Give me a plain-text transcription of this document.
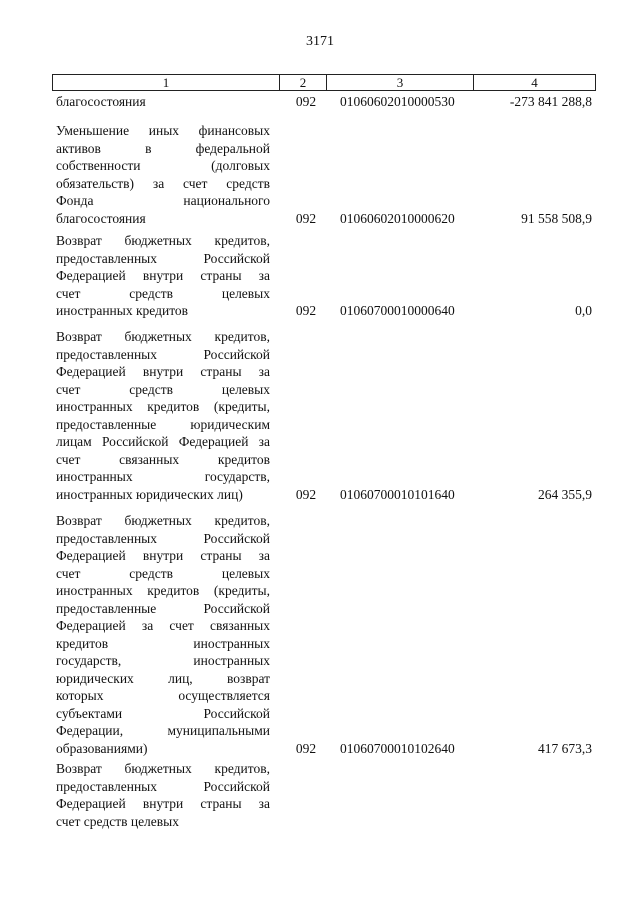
3171
1	2	3	4
благосостояния	092	01060602010000530	-273 841 288,8
Уменьшение иных финансовых
активов в федеральной
собственности (долговых
обязательств) за счет средств
Фонда национального
благосостояния	092	01060602010000620	91 558 508,9
Возврат бюджетных кредитов,
предоставленных Российской
Федерацией внутри страны за
счет средств целевых
иностранных кредитов	092	01060700010000640	0,0
Возврат бюджетных кредитов,
предоставленных Российской
Федерацией внутри страны за
счет средств целевых
иностранных кредитов (кредиты,
предоставленные юридическим
лицам Российской Федерацией за
счет связанных кредитов
иностранных государств,
иностранных юридических лиц)	092	01060700010101640	264 355,9
Возврат бюджетных кредитов,
предоставленных Российской
Федерацией внутри страны за
счет средств целевых
иностранных кредитов (кредиты,
предоставленные Российской
Федерацией за счет связанных
кредитов иностранных
государств, иностранных
юридических лиц, возврат
которых осуществляется
субъектами Российской
Федерации, муниципальными
образованиями)	092	01060700010102640	417 673,3
Возврат бюджетных кредитов,
предоставленных Российской
Федерацией внутри страны за
счет средств целевых
